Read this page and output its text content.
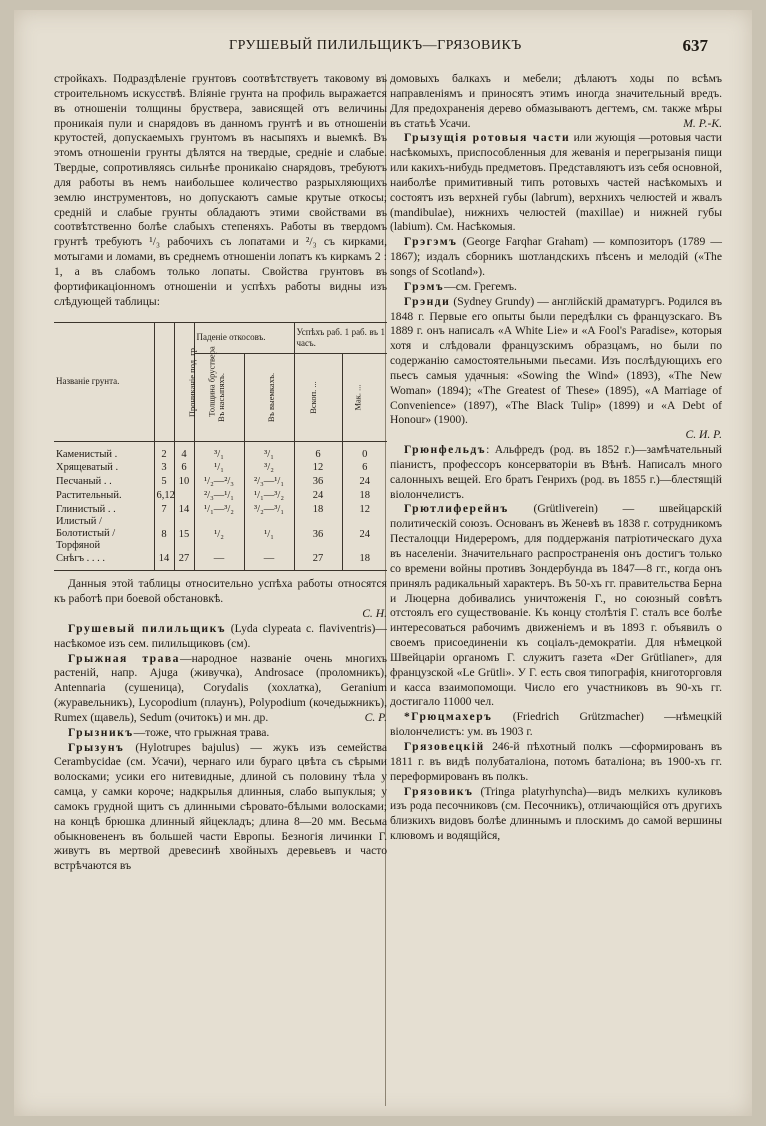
ГРУШЕВЫЙ ПИЛИЛЬЩИКЪ—ГРЯЗОВИКЪ	637

стройкахъ. Подраздѣленіе грунтовъ соотвѣтствуетъ таковому въ строительномъ искусствѣ. Вліяніе грунта на профиль выражается въ отношеніи толщины бруствера, зависящей отъ величины проникаія пули и снарядовъ въ данномъ грунтѣ и въ отношеніи крутостей, допускаемыхъ грунтомъ въ насыпяхъ и выемкѣ. Въ этомъ отношеніи грунты дѣлятся на твердые, средніе и слабые. Твердые, сопротивляясь сильнѣе проникаію снарядовъ, требуютъ для работы въ немъ наибольшее количество разрыхляющихъ землю инструментовъ, но допускаютъ самые крутые откосы; средній и слабые грунты обладаютъ этими свойствами въ соотвѣтственно болѣе слабыхъ степеняхъ. Работы въ твердомъ грунтѣ требуютъ ¹/₃ рабочихъ съ лопатами и ²/₃ съ кирками, мотыгами и ломами, въ среднемъ отношеніи лопатъ къ киркамъ 2 : 1, а въ слабомъ только лопаты. Свойства грунтовъ въ фортификаціонномъ отношеніи и успѣхъ работы видны изъ слѣдующей таблицы:

Названіе грунта.	Прониканіе под. гр.	Толщина бруствера	Паденіе откосовъ.		Успѣхъ раб. 1 раб. въ 1 часъ.	
			Въ насыпяхъ.	Въ выемкахъ.	Вскоп. ...	Мак. ...
Каменистый .	2	4	³/₁	³/₁	6	0
Хрящеватый .	3	6	¹/₁	³/₂	12	6
Песчаный . .	5	10	¹/₂—²/₃	²/₃—¹/₁	36	24
Растительный.	6,12		²/₃—¹/₁	¹/₁—³/₂	24	18
Глинистый . .	7	14	¹/₁—³/₂	³/₂—³/₁	18	12
Илистый / Болотистый / Торфяной	8	15	¹/₂	¹/₁	36	24
Снѣгъ . . . .	14	27	—	—	27	18

Данныя этой таблицы относительно успѣха работы относятся къ работѣ при боевой обстановкѣ.

С. Н.

Грушевый пилильщикъ (Lyda clypeata с. flaviventris)—насѣкомое изъ сем. пилильщиковъ (см).

Грыжная трава—народное названіе очень многихъ растеній, напр. Ajuga (живучка), Androsace (проломникъ), Antennaria (сушеница), Corydalis (хохлатка), Geranium (журавельникъ), Lycopodium (плаунъ), Polypodium (кочедыжникъ), Rumex (щавель), Sedum (очитокъ) и мн. др.	С. Р.

Грызникъ—тоже, что грыжная трава.

Грызунъ (Hylotrupes bajulus) — жукъ изъ семейства Cerambycidae (см. Усачи), чернаго или бураго цвѣта съ сѣрыми волосками; усики его нитевидные, длиной съ половину тѣла у самца, у самки короче; надкрылья длинныя, слабо выпуклыя; у самокъ грудной щитъ съ длинными сѣровато-бѣлыми волосками; на концѣ брюшка длинный яйцекладъ; длина 8—20 мм. Весьма обыкновененъ въ большей части Европы. Безногія личинки Г. живутъ въ мертвой древесинѣ хвойныхъ деревьевъ и часто встрѣчаются въ

домовыхъ балкахъ и мебели; дѣлаютъ ходы по всѣмъ направленіямъ и приносятъ этимъ иногда значительный вредъ. Для предохраненія дерево обмазываютъ дегтемъ, см. также мѣры въ статьѣ Усачи.	М. Р.-К.

Грызущія ротовыя части или жующія —ротовыя части насѣкомыхъ, приспособленныя для жеванія и перегрызанія пищи или какихъ-нибудь предметовъ. Представляютъ изъ себя основной, наиболѣе примитивный типъ ротовыхъ частей насѣкомыхъ и состоятъ изъ верхней губы (labrum), верхнихъ челюстей и жвалъ (mandibulae), нижнихъ челюстей (maxillae) и нижней губы (labium). См. Насѣкомыя.

Грэгэмъ (George Farqhar Graham) — композиторъ (1789 — 1867); издалъ сборникъ шотландскихъ пѣсенъ и мелодій («The songs of Scotland»).

Грэмъ—см. Грегемъ.

Грэнди (Sydney Grundy) — англійскій драматургъ. Родился въ 1848 г. Первые его опыты были передѣлки съ французскаго. Въ 1889 г. онъ написалъ «A White Lie» и «A Fool's Paradise», которыя хотя и слѣдовали французскимъ образцамъ, но были по содержанію самостоятельными пьесами. Изъ послѣдующихъ его пьесъ самыя удачныя: «Sowing the Wind» (1893), «The New Woman» (1894); «The Greatest of These» (1895), «A Marriage of Convenience» (1897), «The Black Tulip» (1899) и «A Debt of Honour» (1900).

С. И. Р.

Грюнфельдъ: Альфредъ (род. въ 1852 г.)—замѣчательный піанистъ, профессоръ консерваторіи въ Вѣнѣ. Написалъ много салонныхъ вещей. Его братъ Генрихъ (род. въ 1855 г.)—блестящій віолончелистъ.

Грютлиферейнъ (Grütliverein) — швейцарскій политическій союзъ. Основанъ въ Женевѣ въ 1838 г. сотрудникомъ Песталоцци Нидереромъ, для поддержанія патріотическаго духа въ населеніи. Значительнаго распространенія онъ достигъ только со времени войны противъ Зондербунда въ 1847—8 гг., когда онъ принялъ радикальный характеръ. Въ 50-хъ гг. правительства Берна и Люцерна добивались уничтоженія Г., но союзный совѣтъ отстоялъ его существованіе. Къ концу столѣтія Г. сталъ все болѣе интересоваться рабочимъ движеніемъ и въ 1893 г. объявилъ о своемъ присоединеніи къ соціалъ-демократіи. Для нѣмецкой Швейцаріи органомъ Г. служитъ газета «Der Grütlianer», для французской «Le Grütli». У Г. есть своя типографія, книготорговля и касса взаимопомощи. Число его участниковъ въ 90-хъ гг. достигало 11000 чел.

*Грюцмахеръ (Friedrich Grützmacher) —нѣмецкій віолончелистъ: ум. въ 1903 г.

Грязовецкій 246-й пѣхотный полкъ —сформированъ въ 1811 г. въ видѣ полубаталіона, потомъ баталіона; въ 1900-хъ гг. переформированъ въ полкъ.

Грязовикъ (Tringa platyrhyncha)—видъ мелкихъ куликовъ изъ рода песочниковъ (см. Песочникъ), отличающійся отъ другихъ близкихъ видовъ болѣе длиннымъ и плоскимъ до самой вершины клювомъ и водящійся,
